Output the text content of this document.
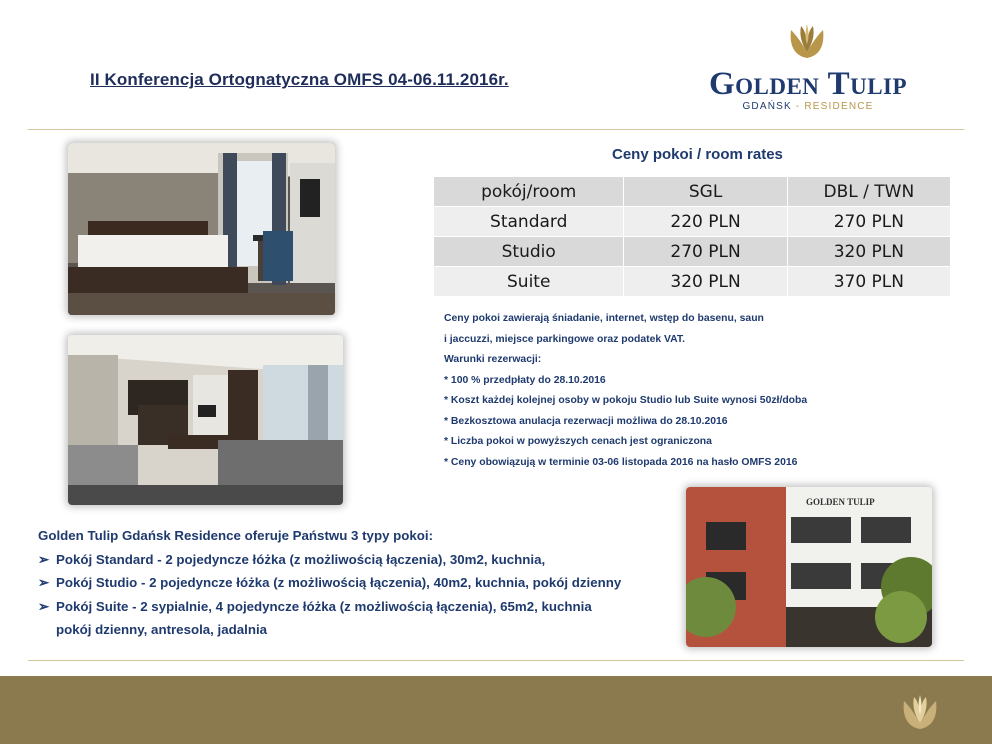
II Konferencja Ortognatyczna OMFS 04-06.11.2016r.	Golden Tulip
GDAŃSK - RESIDENCE
Ceny pokoi / room rates
pokój/room	SGL	DBL / TWN
Standard	220 PLN	270 PLN
Studio	270 PLN	320 PLN
Suite	320 PLN	370 PLN
Ceny pokoi zawierają śniadanie, internet, wstęp do basenu, saun
i jaccuzzi, miejsce parkingowe oraz podatek VAT.
Warunki rezerwacji:
* 100 % przedpłaty do 28.10.2016
* Koszt każdej kolejnej osoby w pokoju Studio lub Suite wynosi 50zł/doba
* Bezkosztowa anulacja rezerwacji możliwa do 28.10.2016
* Liczba pokoi w powyższych cenach jest ograniczona
* Ceny obowiązują w terminie 03-06 listopada 2016 na hasło OMFS 2016
GOLDEN TULIP
Golden Tulip Gdańsk Residence oferuje Państwu 3 typy pokoi:
➢ Pokój Standard - 2 pojedyncze łóżka (z możliwością łączenia), 30m2, kuchnia,
➢ Pokój Studio - 2 pojedyncze łóżka (z możliwością łączenia), 40m2, kuchnia, pokój dzienny
➢ Pokój Suite - 2 sypialnie, 4 pojedyncze łóżka (z możliwością łączenia), 65m2, kuchnia
pokój dzienny, antresola, jadalnia
